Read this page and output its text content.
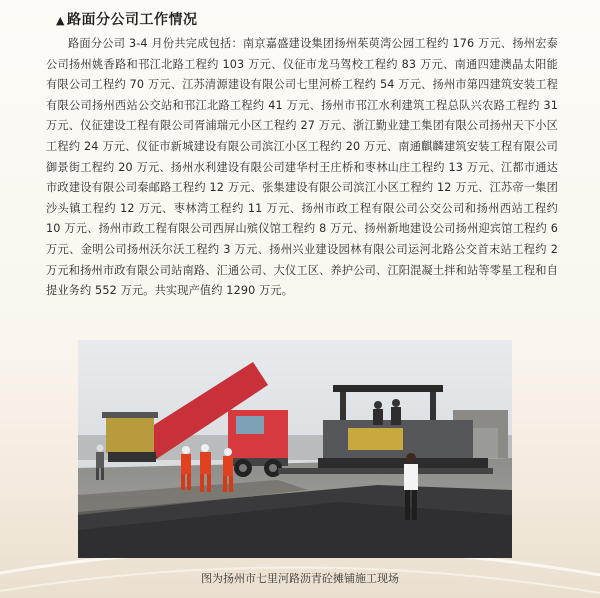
▲ 路面分公司工作情况

路面分公司 3-4 月份共完成包括：南京嘉盛建设集团扬州茱萸湾公园工程约 176 万元、扬州宏泰公司扬州姚香路和邗江北路工程约 103 万元、仪征市龙马驾校工程约 83 万元、南通四建澳晶太阳能有限公司工程约 70 万元、江苏清源建设有限公司七里河桥工程约 54 万元、扬州市第四建筑安装工程有限公司扬州西站公交站和邗江北路工程约 41 万元、扬州市邗江水利建筑工程总队兴农路工程约 31 万元、仪征建设工程有限公司胥浦瑞元小区工程约 27 万元、浙江勤业建工集团有限公司扬州天下小区工程约 24 万元、仪征市新城建设有限公司滨江小区工程约 20 万元、南通麒麟建筑安装工程有限公司御景街工程约 20 万元、扬州水利建设有限公司建华村王庄桥和枣林山庄工程约 13 万元、江都市通达市政建设有限公司秦邮路工程约 12 万元、张集建设有限公司滨江小区工程约 12 万元、江苏帝一集团沙头镇工程约 12 万元、枣林湾工程约 11 万元、扬州市政工程有限公司公交公司和扬州西站工程约 10 万元、扬州市政工程有限公司西屏山殡仪馆工程约 8 万元、扬州新地建设公司扬州迎宾馆工程约 6 万元、金明公司扬州沃尔沃工程约 3 万元、扬州兴业建设园林有限公司运河北路公交首末站工程约 2 万元和扬州市政有限公司站南路、汇通公司、大仪工区、养护公司、江阳混凝土拌和站等零星工程和自提业务约 552 万元。共实现产值约 1290 万元。

图为扬州市七里河路沥青砼摊铺施工现场
